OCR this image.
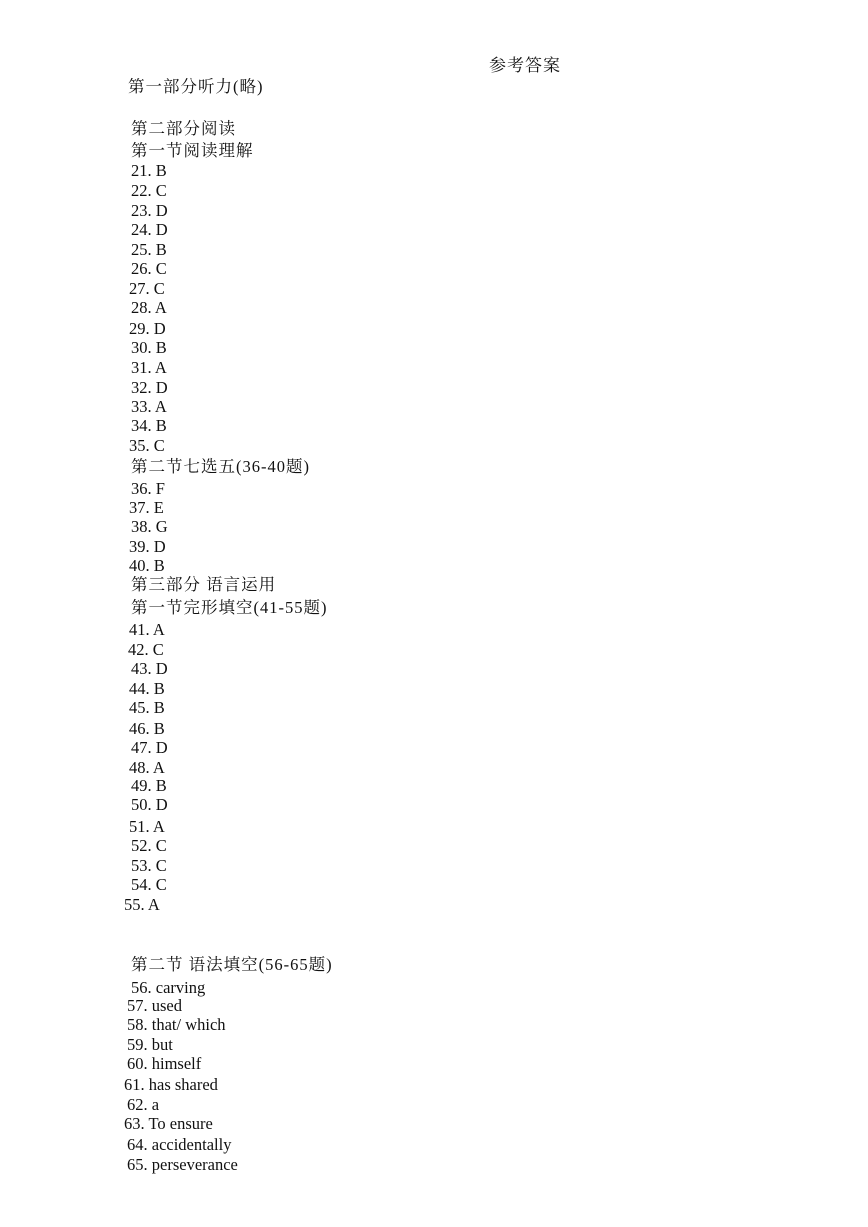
参考答案
第一部分听力(略)
第二部分阅读
第一节阅读理解
21. B
22. C
23. D
24. D
25. B
26. C
27. C
28. A
29. D
30. B
31. A
32. D
33. A
34. B
35. C
第二节七选五(36-40题)
36. F
37. E
38. G
39. D
40. B
第三部分 语言运用
第一节完形填空(41-55题)
41. A
42. C
43. D
44. B
45. B
46. B
47. D
48. A
49. B
50. D
51. A
52. C
53. C
54. C
55. A
第二节 语法填空(56-65题)
56. carving
57. used
58. that/ which
59. but
60. himself
61. has shared
62. a
63. To ensure
64. accidentally
65. perseverance
